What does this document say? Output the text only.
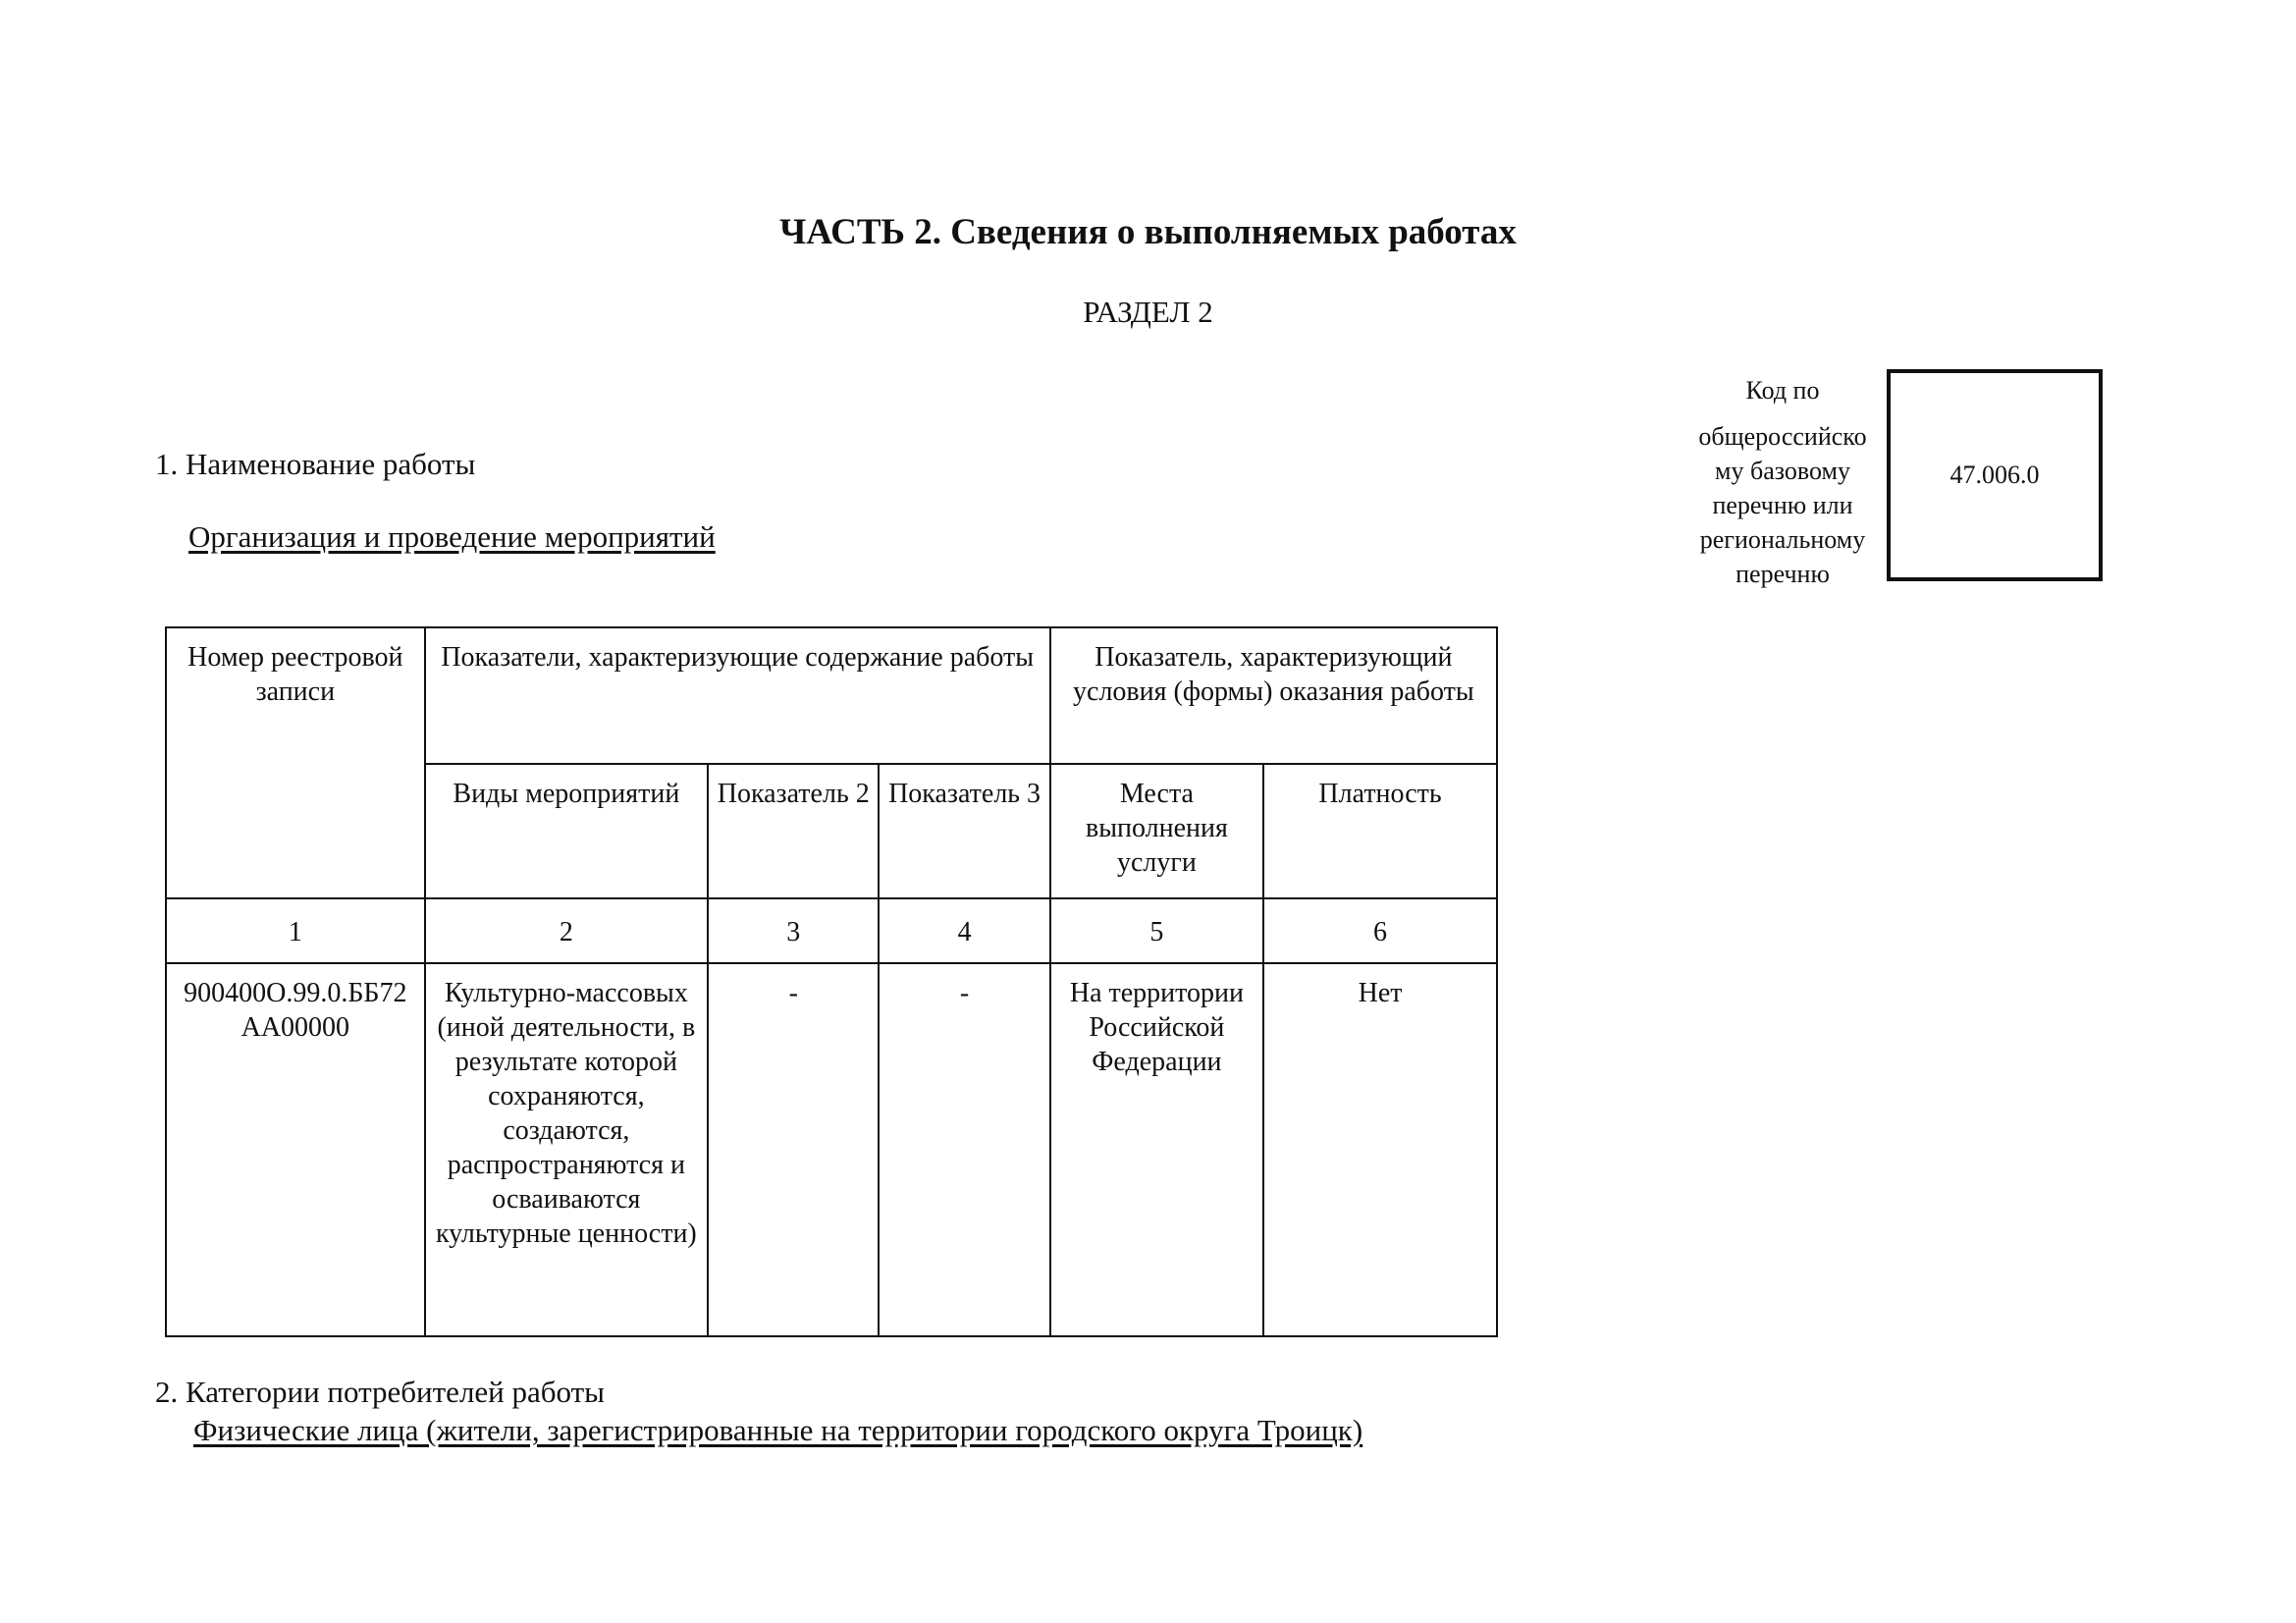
ЧАСТЬ 2. Сведения о выполняемых работах
РАЗДЕЛ 2
Код по
общероссийско му базовому перечню или региональному перечню
47.006.0
1. Наименование работы
Организация и проведение мероприятий
Номер реестровой записи	Показатели, характеризующие содержание работы			Показатель, характеризующий условия (формы) оказания работы	
	Виды мероприятий	Показатель 2	Показатель 3	Места выполнения услуги	Платность
1	2	3	4	5	6
900400О.99.0.ББ72АА00000	Культурно-массовых (иной деятельности, в результате которой сохраняются, создаются, распространяются и осваиваются культурные ценности)	-	-	На территории Российской Федерации	Нет
2. Категории потребителей работы
Физические лица (жители, зарегистрированные на территории городского округа Троицк)
